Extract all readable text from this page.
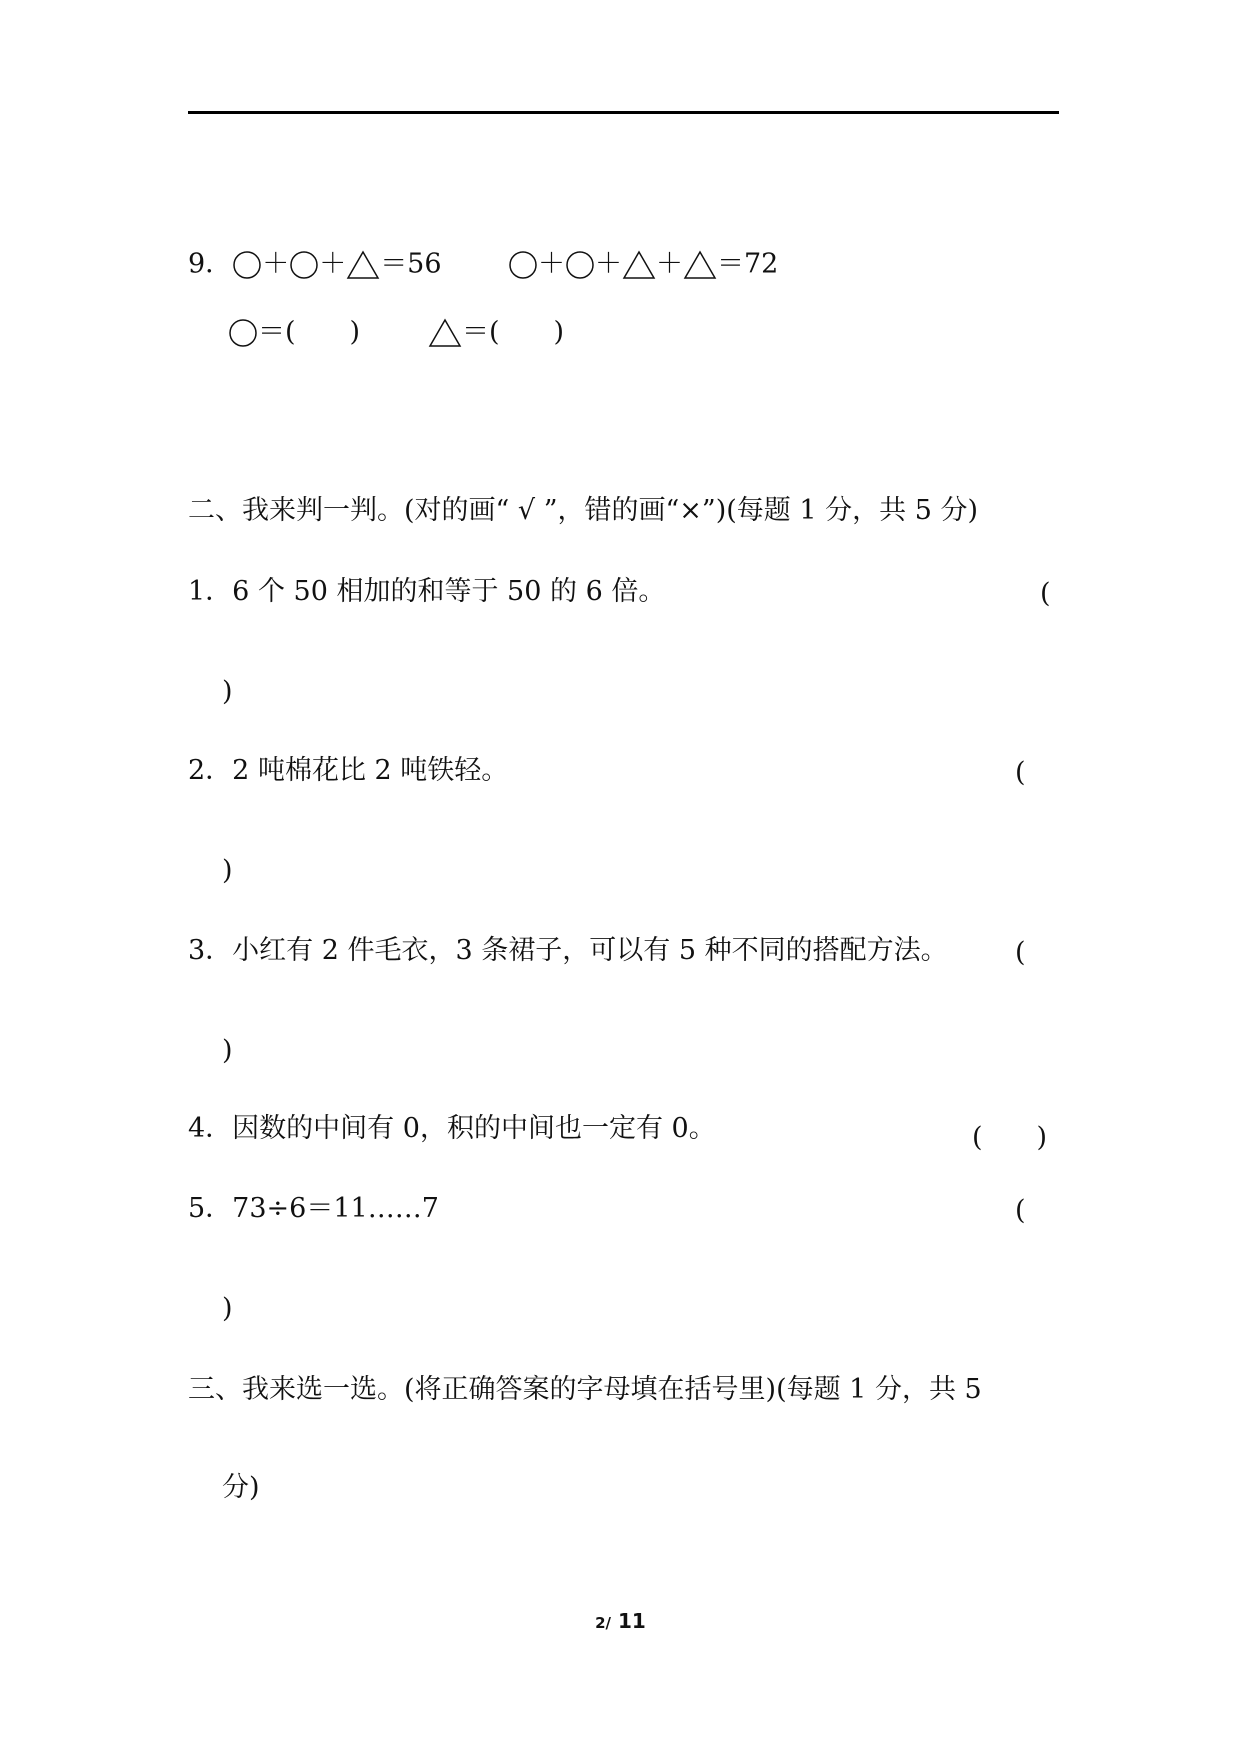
9． ＋ ＋ ＝56	＋ ＋ ＋ ＝72
＝(　　)	＝(　　)
二、我来判一判。(对的画“ √ ”，错的画“×”)(每题 1 分，共 5 分)
1．6 个 50 相加的和等于 50 的 6 倍。	(
)
2．2 吨棉花比 2 吨铁轻。	(
)
3．小红有 2 件毛衣，3 条裙子，可以有 5 种不同的搭配方法。 (
)
4．因数的中间有 0，积的中间也一定有 0。	(　　)
5．73÷6＝11……7	(
)
三、我来选一选。(将正确答案的字母填在括号里)(每题 1 分，共 5
分)
2/ 11
